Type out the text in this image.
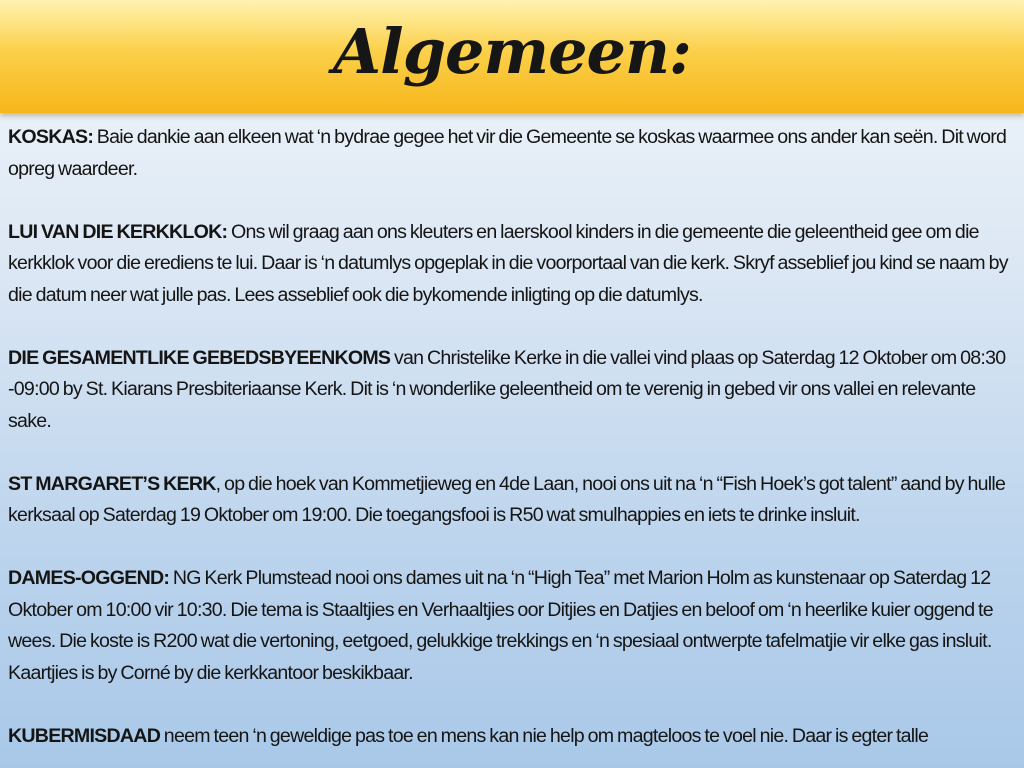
Algemeen:

KOSKAS: Baie dankie aan elkeen wat ‘n bydrae gegee het vir die Gemeente se koskas waarmee ons ander kan seën. Dit word opreg waardeer.

LUI VAN DIE KERKKLOK: Ons wil graag aan ons kleuters en laerskool kinders in die gemeente die geleentheid gee om die kerkklok voor die erediens te lui. Daar is ‘n datumlys opgeplak in die voorportaal van die kerk. Skryf asseblief jou kind se naam by die datum neer wat julle pas. Lees asseblief ook die bykomende inligting op die datumlys.

DIE GESAMENTLIKE GEBEDSBYEENKOMS van Christelike Kerke in die vallei vind plaas op Saterdag 12 Oktober om 08:30 -09:00 by St. Kiarans Presbiteriaanse Kerk. Dit is ‘n wonderlike geleentheid om te verenig in gebed vir ons vallei en relevante sake.

ST MARGARET’S KERK, op die hoek van Kommetjieweg en 4de Laan, nooi ons uit na ‘n “Fish Hoek’s got talent” aand by hulle kerksaal op Saterdag 19 Oktober om 19:00. Die toegangsfooi is R50 wat smulhappies en iets te drinke insluit.

DAMES-OGGEND: NG Kerk Plumstead nooi ons dames uit na ‘n “High Tea” met Marion Holm as kunstenaar op Saterdag 12 Oktober om 10:00 vir 10:30. Die tema is Staaltjies en Verhaaltjies oor Ditjies en Datjies en beloof om ‘n heerlike kuier oggend te wees. Die koste is R200 wat die vertoning, eetgoed, gelukkige trekkings en ‘n spesiaal ontwerpte tafelmatjie vir elke gas insluit. Kaartjies is by Corné by die kerkkantoor beskikbaar.

KUBERMISDAAD neem teen ‘n geweldige pas toe en mens kan nie help om magteloos te voel nie. Daar is egter talle
